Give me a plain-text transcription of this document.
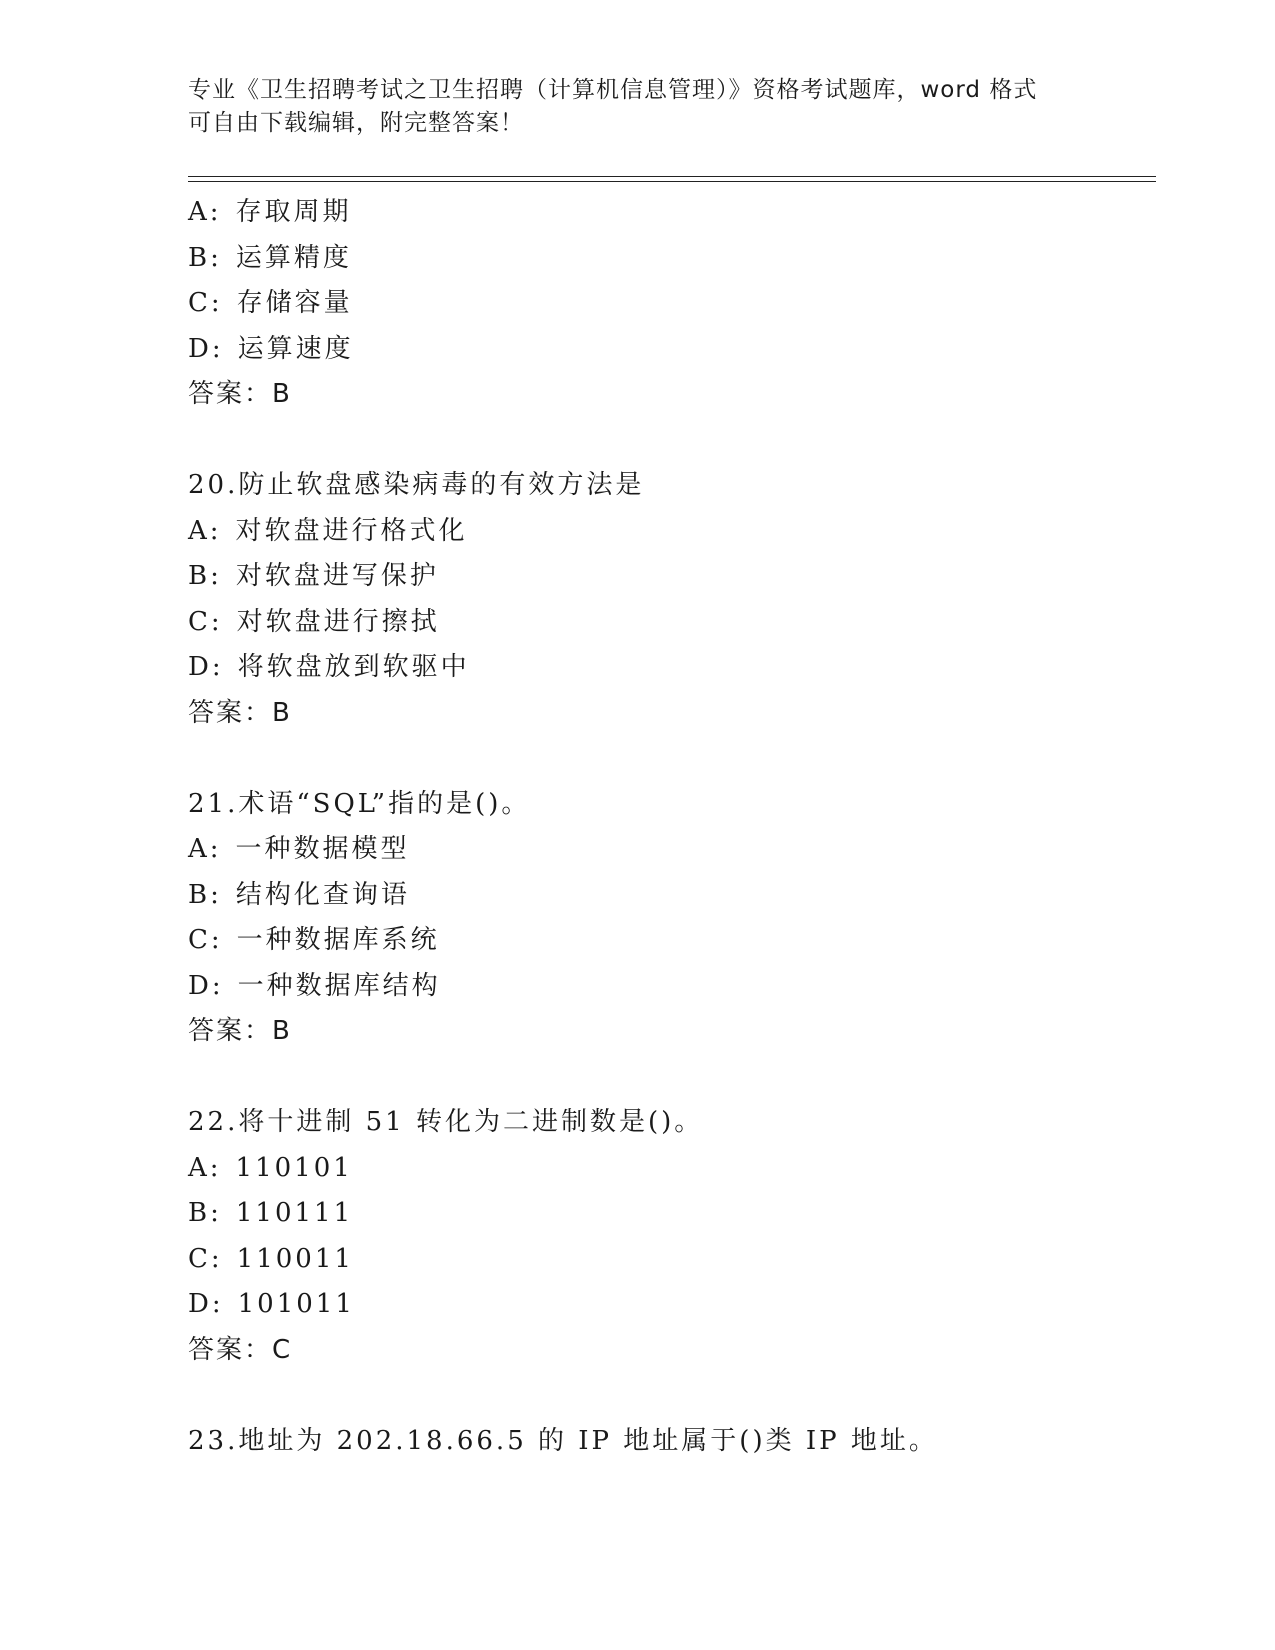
专业《卫生招聘考试之卫生招聘（计算机信息管理）》资格考试题库，word 格式
可自由下载编辑，附完整答案！
A: 存取周期
B: 运算精度
C: 存储容量
D: 运算速度
答案：B
20.防止软盘感染病毒的有效方法是
A: 对软盘进行格式化
B: 对软盘进写保护
C: 对软盘进行擦拭
D: 将软盘放到软驱中
答案：B
21.术语“SQL”指的是()。
A: 一种数据模型
B: 结构化查询语
C: 一种数据库系统
D: 一种数据库结构
答案：B
22.将十进制 51 转化为二进制数是()。
A: 110101
B: 110111
C: 110011
D: 101011
答案：C
23.地址为 202.18.66.5 的 IP 地址属于()类 IP 地址。
